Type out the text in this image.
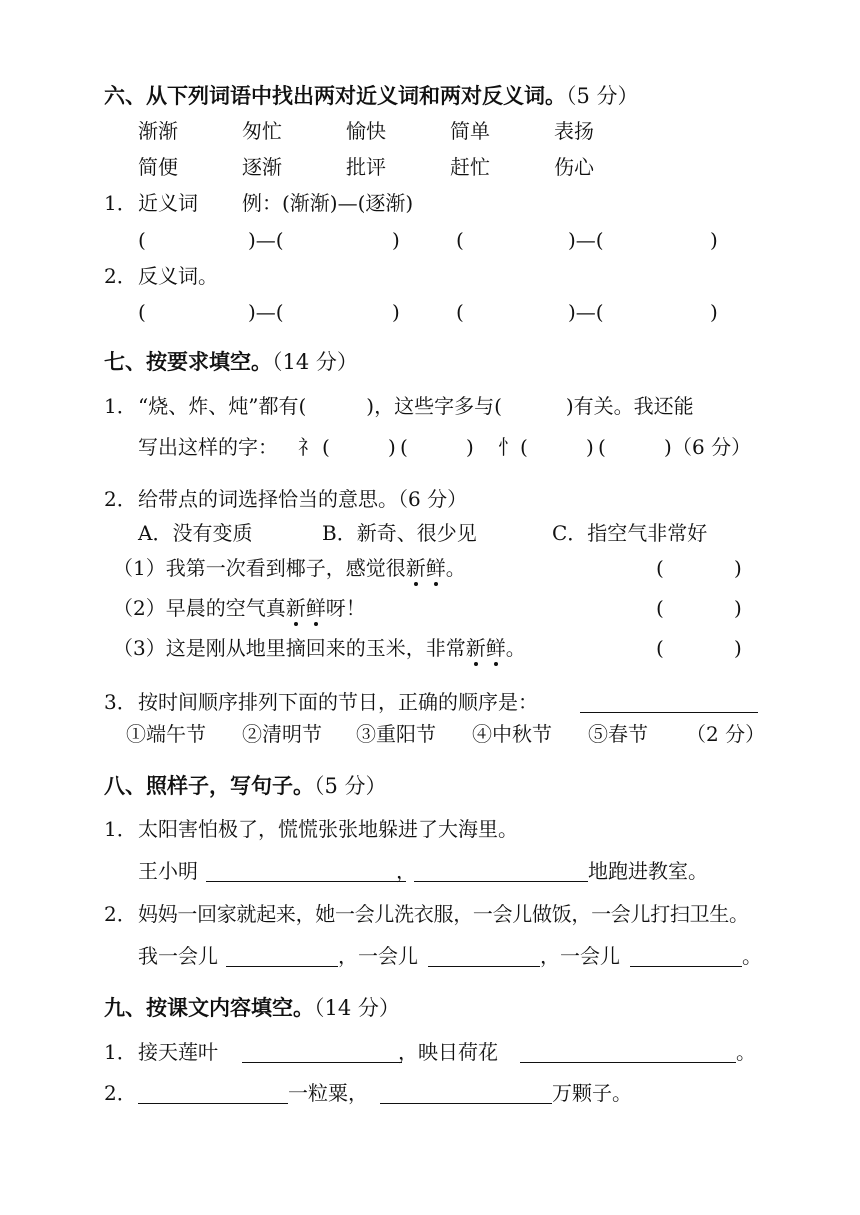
六、从下列词语中找出两对近义词和两对反义词。（5 分）
渐渐	匆忙	愉快	简单	表扬
简便	逐渐	批评	赶忙	伤心
1． 近义词 例：(渐渐)—(逐渐)
(	)—(	)	(	)—(	)
2． 反义词。
(	)—(	)	(	)—(	)
七、按要求填空。（14 分）
1． “烧、炸、炖”都有(	)，这些字多与(	)有关。我还能
写出这样的字： 礻 (	) (	) 忄 (	) (	) （6 分）
2． 给带点的词选择恰当的意思。（6 分）
A．没有变质	B．新奇、很少见	C．指空气非常好
（1）我第一次看到椰子，感觉很新鲜。	(	)
（2）早晨的空气真新鲜呀！	(	)
（3）这是刚从地里摘回来的玉米，非常新鲜。	(	)
3． 按时间顺序排列下面的节日，正确的顺序是：
①端午节 ②清明节 ③重阳节 ④中秋节 ⑤春节 （2 分）
八、照样子，写句子。（5 分）
1． 太阳害怕极了，慌慌张张地躲进了大海里。
王小明	，	地跑进教室。
2． 妈妈一回家就起来，她一会儿洗衣服，一会儿做饭，一会儿打扫卫生。
我一会儿	，一会儿	，一会儿	。
九、按课文内容填空。（14 分）
1． 接天莲叶	，映日荷花	。
2．	一粒粟，	万颗子。
